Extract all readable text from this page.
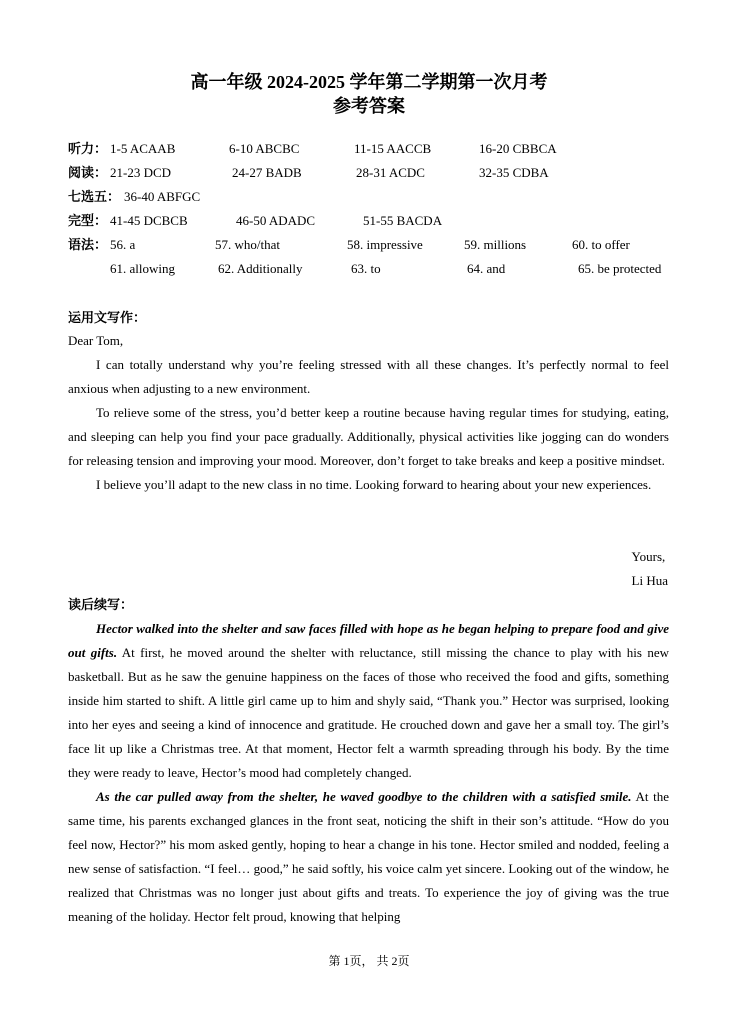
高一年级 2024-2025 学年第二学期第一次月考
参考答案
听力： 1-5 ACAAB	6-10 ABCBC	11-15 AACCB	16-20 CBBCA
阅读： 21-23 DCD	24-27 BADB	28-31 ACDC	32-35 CDBA
七选五： 36-40 ABFGC
完型： 41-45 DCBCB	46-50 ADADC	51-55 BACDA
语法： 56. a	57. who/that	58. impressive	59. millions	60. to offer
61. allowing	62. Additionally	63. to	64. and	65. be protected
运用文写作：

Dear Tom,

I can totally understand why you’re feeling stressed with all these changes. It’s perfectly normal to feel anxious when adjusting to a new environment.

To relieve some of the stress, you’d better keep a routine because having regular times for studying, eating, and sleeping can help you find your pace gradually. Additionally, physical activities like jogging can do wonders for releasing tension and improving your mood. Moreover, don’t forget to take breaks and keep a positive mindset.

I believe you’ll adapt to the new class in no time. Looking forward to hearing about your new experiences.

Yours,
Li Hua
读后续写：

Hector walked into the shelter and saw faces filled with hope as he began helping to prepare food and give out gifts. At first, he moved around the shelter with reluctance, still missing the chance to play with his new basketball. But as he saw the genuine happiness on the faces of those who received the food and gifts, something inside him started to shift. A little girl came up to him and shyly said, “Thank you.” Hector was surprised, looking into her eyes and seeing a kind of innocence and gratitude. He crouched down and gave her a small toy. The girl’s face lit up like a Christmas tree. At that moment, Hector felt a warmth spreading through his body. By the time they were ready to leave, Hector’s mood had completely changed.

As the car pulled away from the shelter, he waved goodbye to the children with a satisfied smile. At the same time, his parents exchanged glances in the front seat, noticing the shift in their son’s attitude. “How do you feel now, Hector?” his mom asked gently, hoping to hear a change in his tone. Hector smiled and nodded, feeling a new sense of satisfaction. “I feel… good,” he said softly, his voice calm yet sincere. Looking out of the window, he realized that Christmas was no longer just about gifts and treats. To experience the joy of giving was the true meaning of the holiday. Hector felt proud, knowing that helping

第 1页， 共 2页
